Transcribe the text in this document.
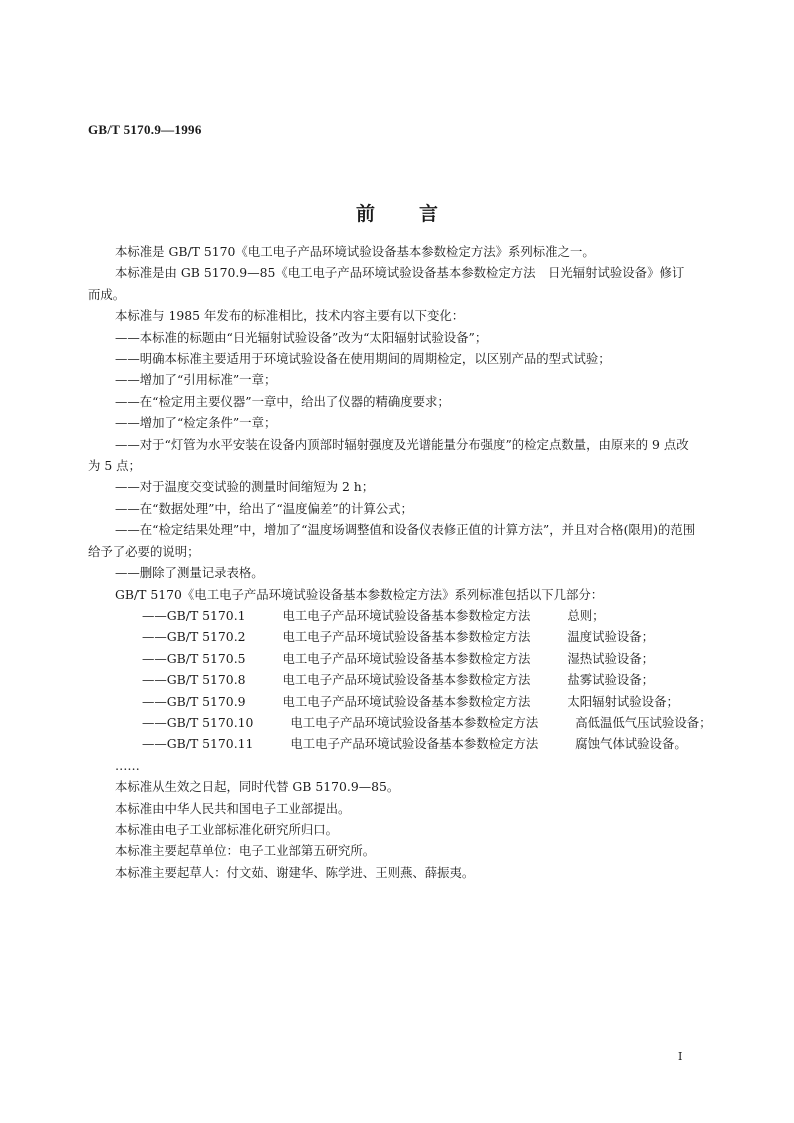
GB/T 5170.9—1996
前言

本标准是 GB/T 5170《电工电子产品环境试验设备基本参数检定方法》系列标准之一。

本标准是由 GB 5170.9—85《电工电子产品环境试验设备基本参数检定方法　日光辐射试验设备》修订而成。

本标准与 1985 年发布的标准相比，技术内容主要有以下变化：

——本标准的标题由“日光辐射试验设备”改为“太阳辐射试验设备”；

——明确本标准主要适用于环境试验设备在使用期间的周期检定，以区别产品的型式试验；

——增加了“引用标准”一章；

——在“检定用主要仪器”一章中，给出了仪器的精确度要求；

——增加了“检定条件”一章；

——对于“灯管为水平安装在设备内顶部时辐射强度及光谱能量分布强度”的检定点数量，由原来的 9 点改为 5 点；

——对于温度交变试验的测量时间缩短为 2 h；

——在“数据处理”中，给出了“温度偏差”的计算公式；

——在“检定结果处理”中，增加了“温度场调整值和设备仪表修正值的计算方法”，并且对合格(限用)的范围给予了必要的说明；

——删除了测量记录表格。

GB/T 5170《电工电子产品环境试验设备基本参数检定方法》系列标准包括以下几部分：

——GB/T 5170.1	电工电子产品环境试验设备基本参数检定方法	总则；

——GB/T 5170.2	电工电子产品环境试验设备基本参数检定方法	温度试验设备；

——GB/T 5170.5	电工电子产品环境试验设备基本参数检定方法	湿热试验设备；

——GB/T 5170.8	电工电子产品环境试验设备基本参数检定方法	盐雾试验设备；

——GB/T 5170.9	电工电子产品环境试验设备基本参数检定方法	太阳辐射试验设备；

——GB/T 5170.10	电工电子产品环境试验设备基本参数检定方法	高低温低气压试验设备；

——GB/T 5170.11	电工电子产品环境试验设备基本参数检定方法	腐蚀气体试验设备。

……

本标准从生效之日起，同时代替 GB 5170.9—85。

本标准由中华人民共和国电子工业部提出。

本标准由电子工业部标准化研究所归口。

本标准主要起草单位：电子工业部第五研究所。

本标准主要起草人：付文茹、谢建华、陈学进、王则燕、薛振夷。

I
